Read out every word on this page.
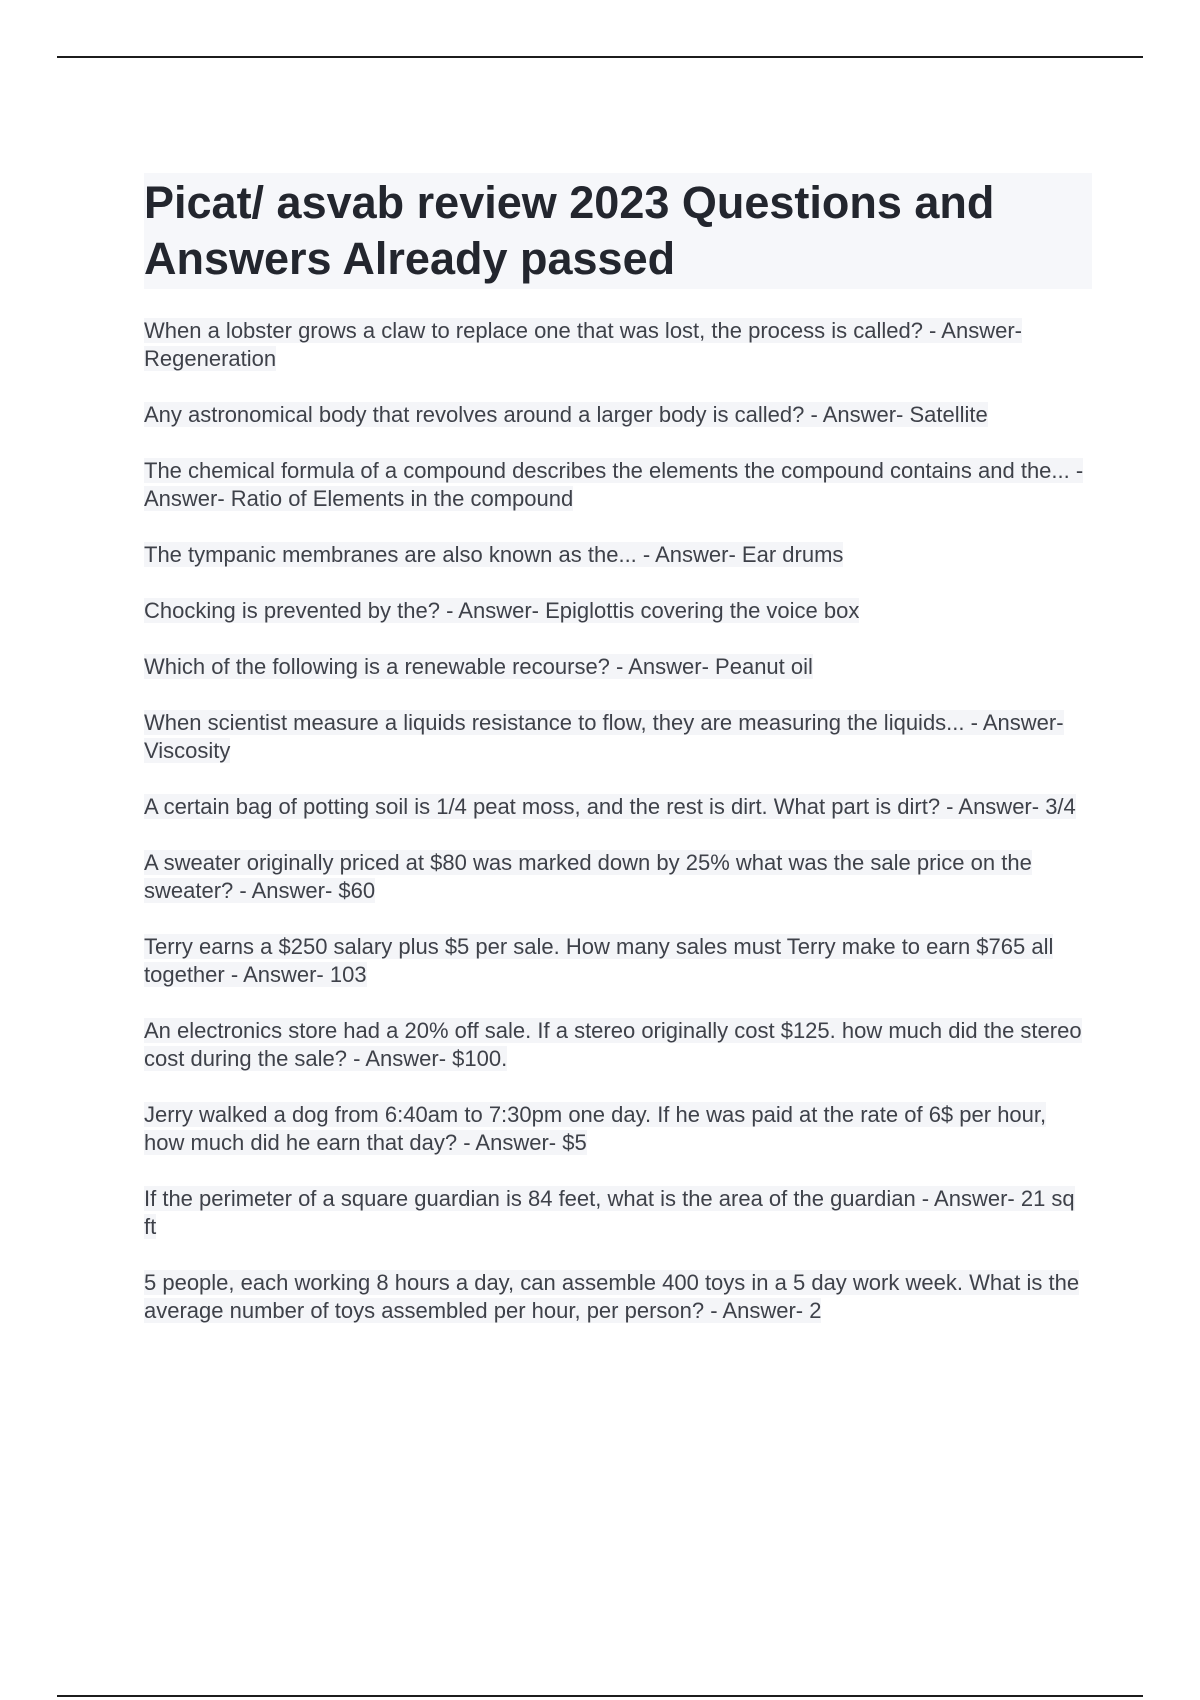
Picat/ asvab review 2023 Questions and Answers Already passed
When a lobster grows a claw to replace one that was lost, the process is called? - Answer- Regeneration
Any astronomical body that revolves around a larger body is called? - Answer- Satellite
The chemical formula of a compound describes the elements the compound contains and the... - Answer- Ratio of Elements in the compound
The tympanic membranes are also known as the... - Answer- Ear drums
Chocking is prevented by the? - Answer- Epiglottis covering the voice box
Which of the following is a renewable recourse? - Answer- Peanut oil
When scientist measure a liquids resistance to flow, they are measuring the liquids... - Answer- Viscosity
A certain bag of potting soil is 1/4 peat moss, and the rest is dirt. What part is dirt? - Answer- 3/4
A sweater originally priced at $80 was marked down by 25% what was the sale price on the sweater? - Answer- $60
Terry earns a $250 salary plus $5 per sale. How many sales must Terry make to earn $765 all together - Answer- 103
An electronics store had a 20% off sale. If a stereo originally cost $125. how much did the stereo cost during the sale? - Answer- $100.
Jerry walked a dog from 6:40am to 7:30pm one day. If he was paid at the rate of 6$ per hour, how much did he earn that day? - Answer- $5
If the perimeter of a square guardian is 84 feet, what is the area of the guardian - Answer- 21 sq ft
5 people, each working 8 hours a day, can assemble 400 toys in a 5 day work week. What is the average number of toys assembled per hour, per person? - Answer- 2
